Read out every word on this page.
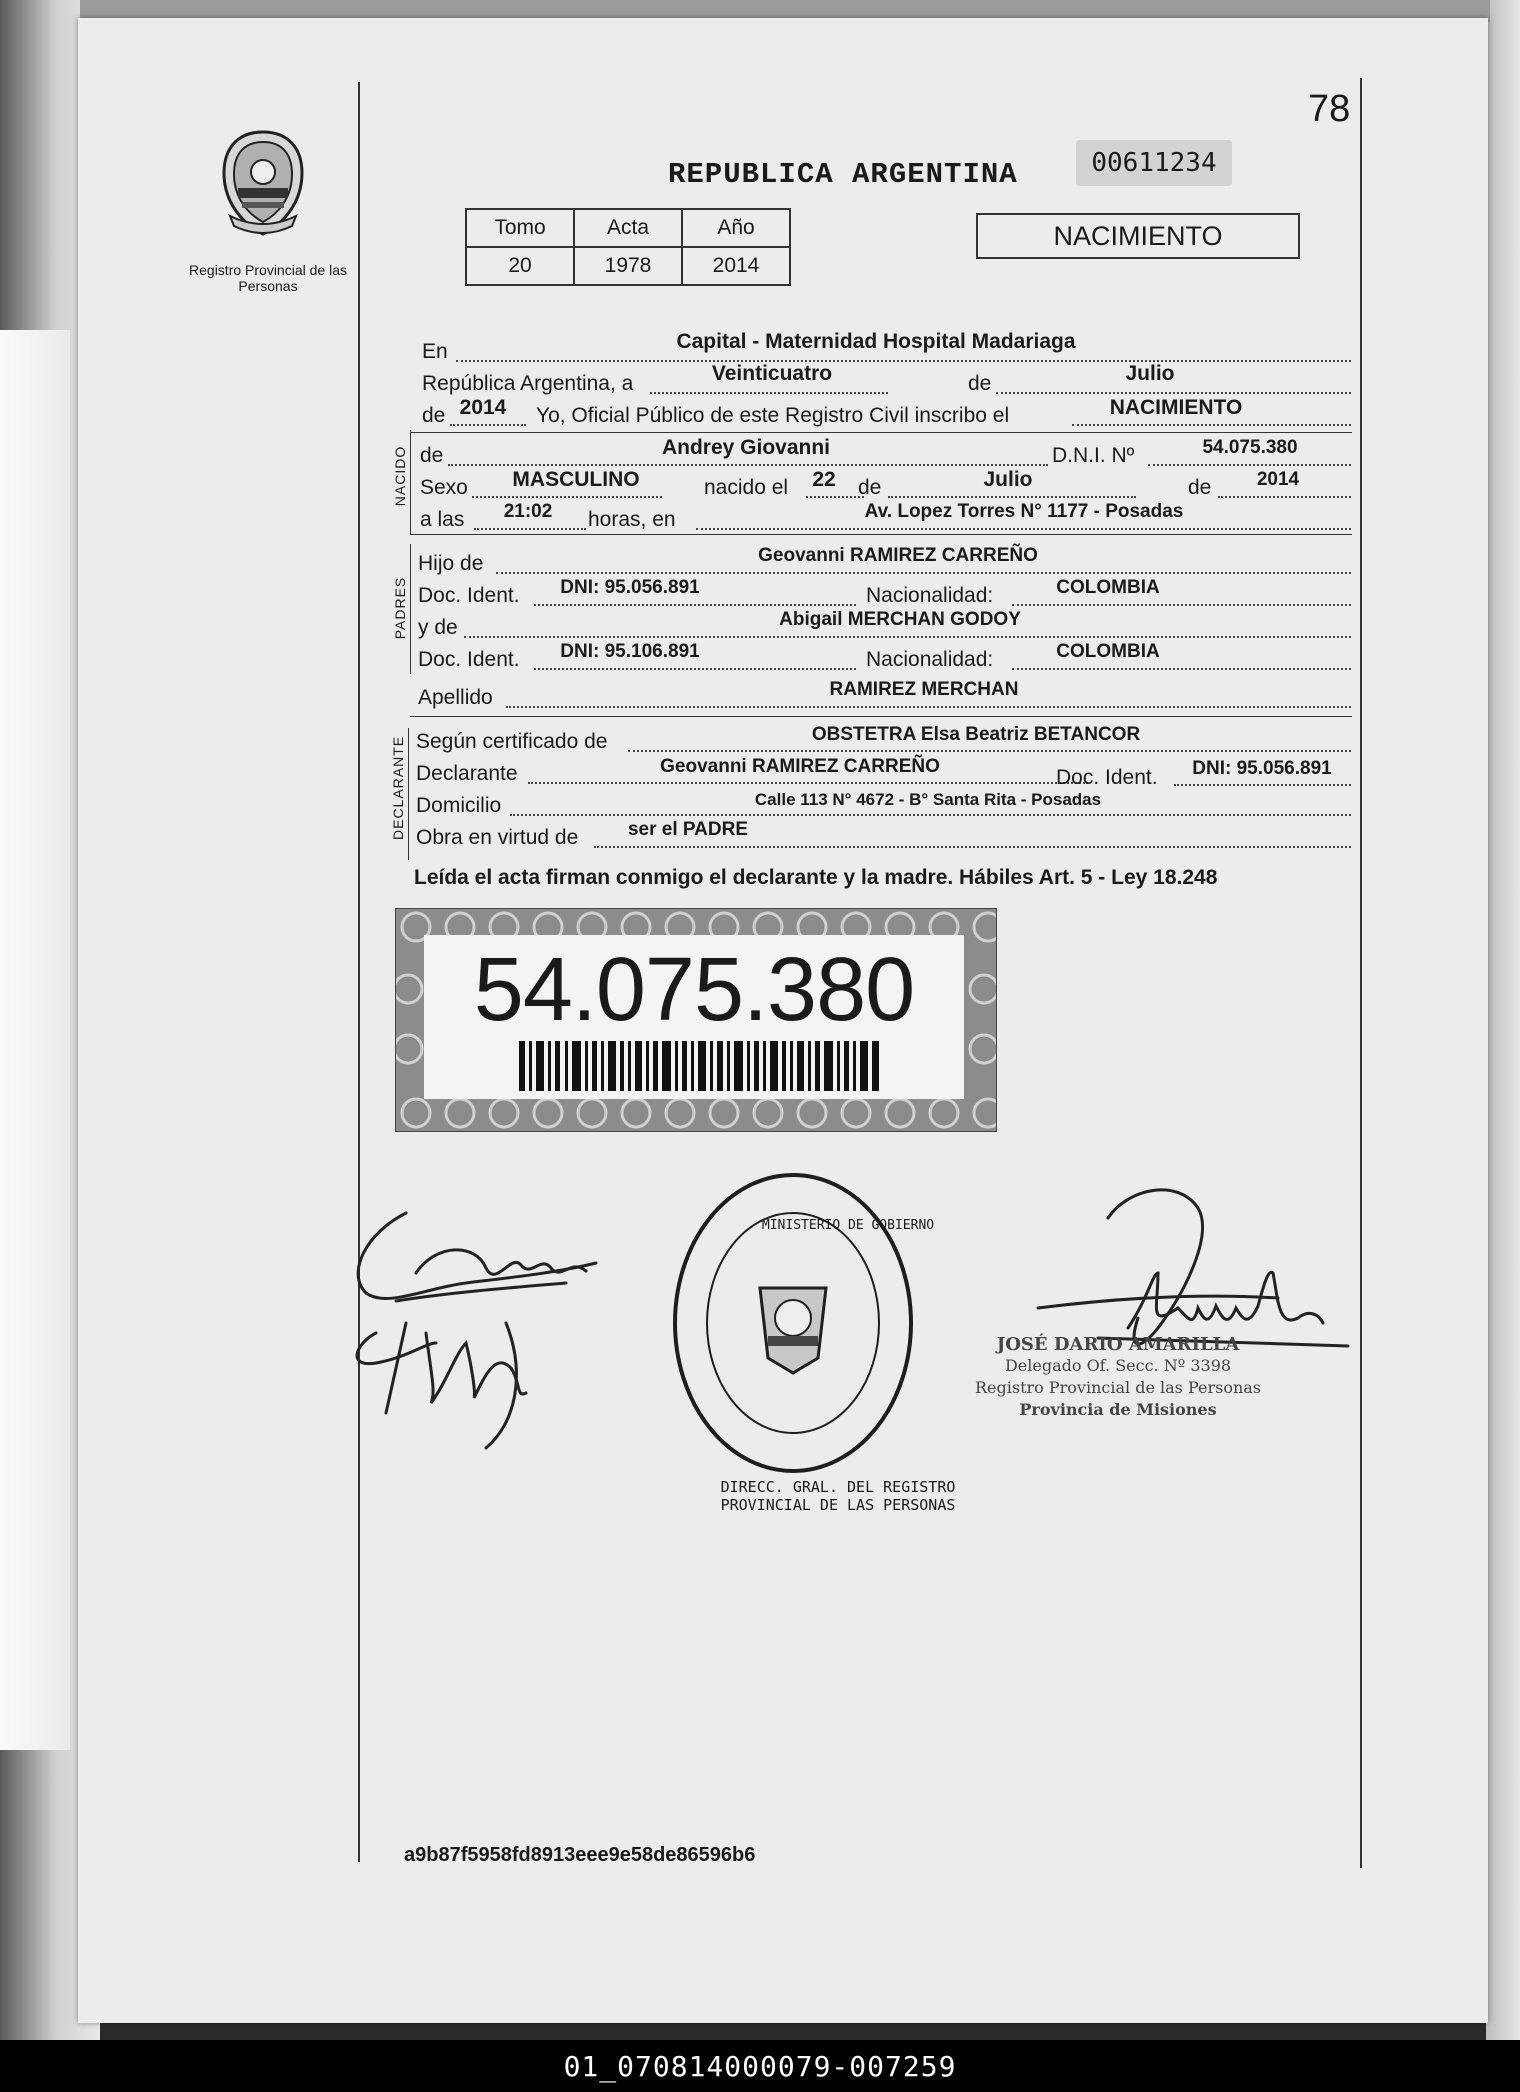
78
Registro Provincial de las Personas
REPUBLICA ARGENTINA	00611234
Tomo	Acta	Año
20	1978	2014
NACIMIENTO
En	Capital - Maternidad Hospital Madariaga
República Argentina, a	Veinticuatro	de	Julio
de 2014 Yo, Oficial Público de este Registro Civil inscribo el	NACIMIENTO
NACIDO de	Andrey Giovanni	D.N.I. Nº	54.075.380
Sexo MASCULINO	nacido el 22 de	Julio	de 2014
a las 21:02 horas, en	Av. Lopez Torres N° 1177 - Posadas
PADRES
Hijo de	Geovanni RAMIREZ CARREÑO
Doc. Ident. DNI: 95.056.891	Nacionalidad:	COLOMBIA
y de	Abigail MERCHAN GODOY
Doc. Ident. DNI: 95.106.891	Nacionalidad:	COLOMBIA
Apellido	RAMIREZ MERCHAN
DECLARANTE Según certificado de	OBSTETRA Elsa Beatriz BETANCOR
Declarante	Geovanni RAMIREZ CARREÑO	Doc. Ident. DNI: 95.056.891
Domicilio	Calle 113 N° 4672 - B° Santa Rita - Posadas
Obra en virtud de	ser el PADRE
Leída el acta firman conmigo el declarante y la madre. Hábiles Art. 5 - Ley 18.248
54.075.380
DIRECC. GRAL. DEL REGISTRO PROVINCIAL DE LAS PERSONAS
MINISTERIO DE GOBIERNO
JOSÉ DARIO AMARILLA
Delegado Of. Secc. Nº 3398
Registro Provincial de las Personas
Provincia de Misiones
a9b87f5958fd8913eee9e58de86596b6
01_070814000079-007259
